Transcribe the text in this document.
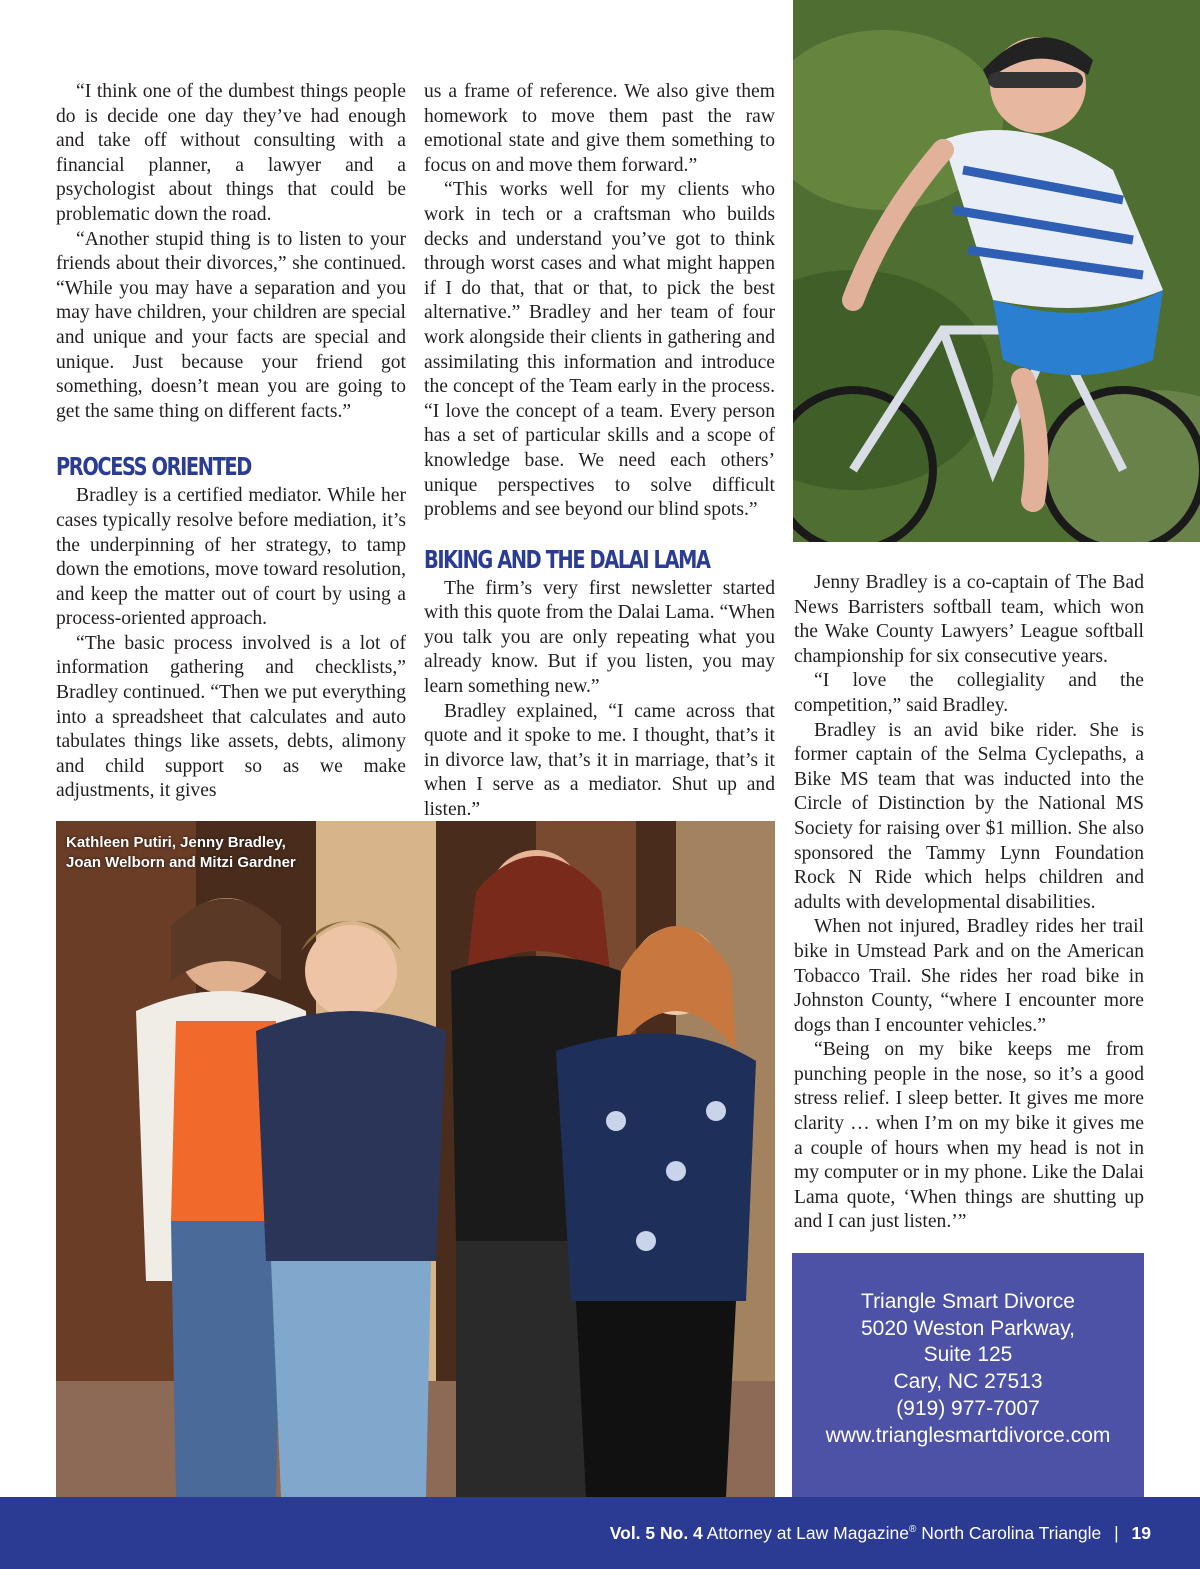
“I think one of the dumbest things people do is decide one day they’ve had enough and take off without consulting with a financial planner, a lawyer and a psychologist about things that could be problematic down the road.

“Another stupid thing is to listen to your friends about their divorces,” she continued. “While you may have a separation and you may have children, your children are special and unique and your facts are special and unique. Just because your friend got something, doesn’t mean you are going to get the same thing on different facts.”

PROCESS ORIENTED

Bradley is a certified mediator. While her cases typically resolve before mediation, it’s the underpinning of her strategy, to tamp down the emotions, move toward resolution, and keep the matter out of court by using a process-oriented approach.

“The basic process involved is a lot of information gathering and checklists,” Bradley continued. “Then we put everything into a spreadsheet that calculates and auto tabulates things like assets, debts, alimony and child support so as we make adjustments, it gives

us a frame of reference. We also give them homework to move them past the raw emotional state and give them something to focus on and move them forward.”

“This works well for my clients who work in tech or a craftsman who builds decks and understand you’ve got to think through worst cases and what might happen if I do that, that or that, to pick the best alternative.” Bradley and her team of four work alongside their clients in gathering and assimilating this information and introduce the concept of the Team early in the process. “I love the concept of a team. Every person has a set of particular skills and a scope of knowledge base. We need each others’ unique perspectives to solve difficult problems and see beyond our blind spots.”

BIKING AND THE DALAI LAMA

The firm’s very first newsletter started with this quote from the Dalai Lama. “When you talk you are only repeating what you already know. But if you listen, you may learn something new.”

Bradley explained, “I came across that quote and it spoke to me. I thought, that’s it in divorce law, that’s it in marriage, that’s it when I serve as a mediator. Shut up and listen.”

Jenny Bradley is a co-captain of The Bad News Barristers softball team, which won the Wake County Lawyers’ League softball championship for six consecutive years.

“I love the collegiality and the competition,” said Bradley.

Bradley is an avid bike rider. She is former captain of the Selma Cyclepaths, a Bike MS team that was inducted into the Circle of Distinction by the National MS Society for raising over $1 million. She also sponsored the Tammy Lynn Foundation Rock N Ride which helps children and adults with developmental disabilities.

When not injured, Bradley rides her trail bike in Umstead Park and on the American Tobacco Trail. She rides her road bike in Johnston County, “where I encounter more dogs than I encounter vehicles.”

“Being on my bike keeps me from punching people in the nose, so it’s a good stress relief. I sleep better. It gives me more clarity … when I’m on my bike it gives me a couple of hours when my head is not in my computer or in my phone. Like the Dalai Lama quote, ‘When things are shutting up and I can just listen.’”

Kathleen Putiri, Jenny Bradley,
Joan Welborn and Mitzi Gardner
Triangle Smart Divorce
5020 Weston Parkway,
Suite 125
Cary, NC 27513
(919) 977-7007
www.trianglesmartdivorce.com
Vol. 5 No. 4 Attorney at Law Magazine® North Carolina Triangle | 19
